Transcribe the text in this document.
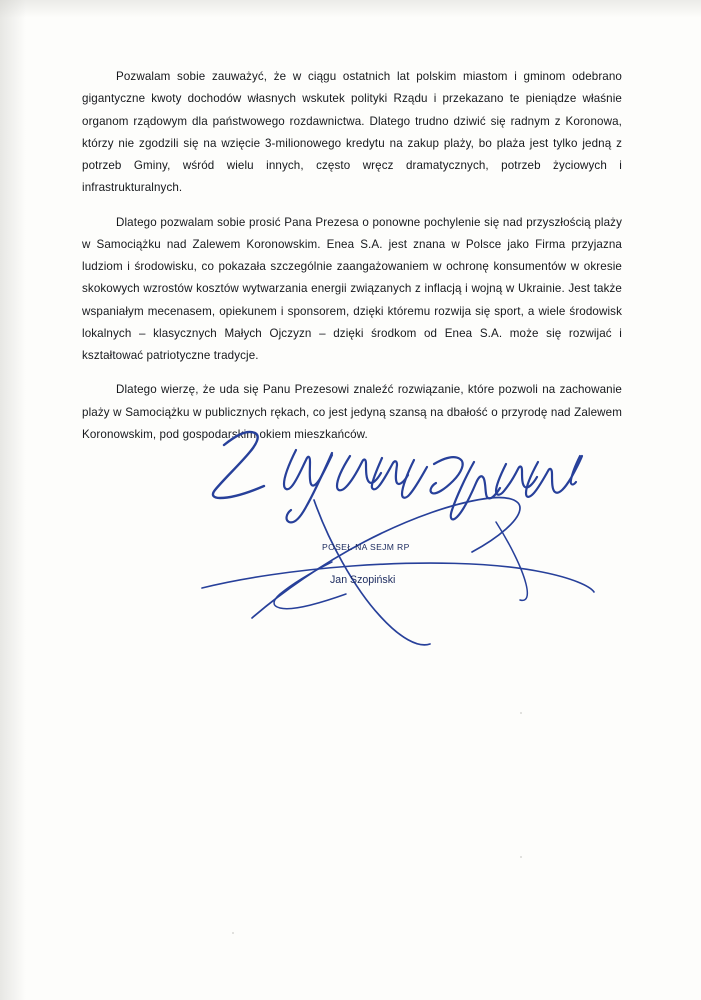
Pozwalam sobie zauważyć, że w ciągu ostatnich lat polskim miastom i gminom odebrano gigantyczne kwoty dochodów własnych wskutek polityki Rządu i przekazano te pieniądze właśnie organom rządowym dla państwowego rozdawnictwa. Dlatego trudno dziwić się radnym z Koronowa, którzy nie zgodzili się na wzięcie 3-milionowego kredytu na zakup plaży, bo plaża jest tylko jedną z potrzeb Gminy, wśród wielu innych, często wręcz dramatycznych, potrzeb życiowych i infrastrukturalnych.

Dlatego pozwalam sobie prosić Pana Prezesa o ponowne pochylenie się nad przyszłością plaży w Samociążku nad Zalewem Koronowskim. Enea S.A. jest znana w Polsce jako Firma przyjazna ludziom i środowisku, co pokazała szczególnie zaangażowaniem w ochronę konsumentów w okresie skokowych wzrostów kosztów wytwarzania energii związanych z inflacją i wojną w Ukrainie. Jest także wspaniałym mecenasem, opiekunem i sponsorem, dzięki któremu rozwija się sport, a wiele środowisk lokalnych – klasycznych Małych Ojczyzn – dzięki środkom od Enea S.A. może się rozwijać i kształtować patriotyczne tradycje.

Dlatego wierzę, że uda się Panu Prezesowi znaleźć rozwiązanie, które pozwoli na zachowanie plaży w Samociążku w publicznych rękach, co jest jedyną szansą na dbałość o przyrodę nad Zalewem Koronowskim, pod gospodarskim okiem mieszkańców.

POSEŁ NA SEJM RP
Jan Szopiński
